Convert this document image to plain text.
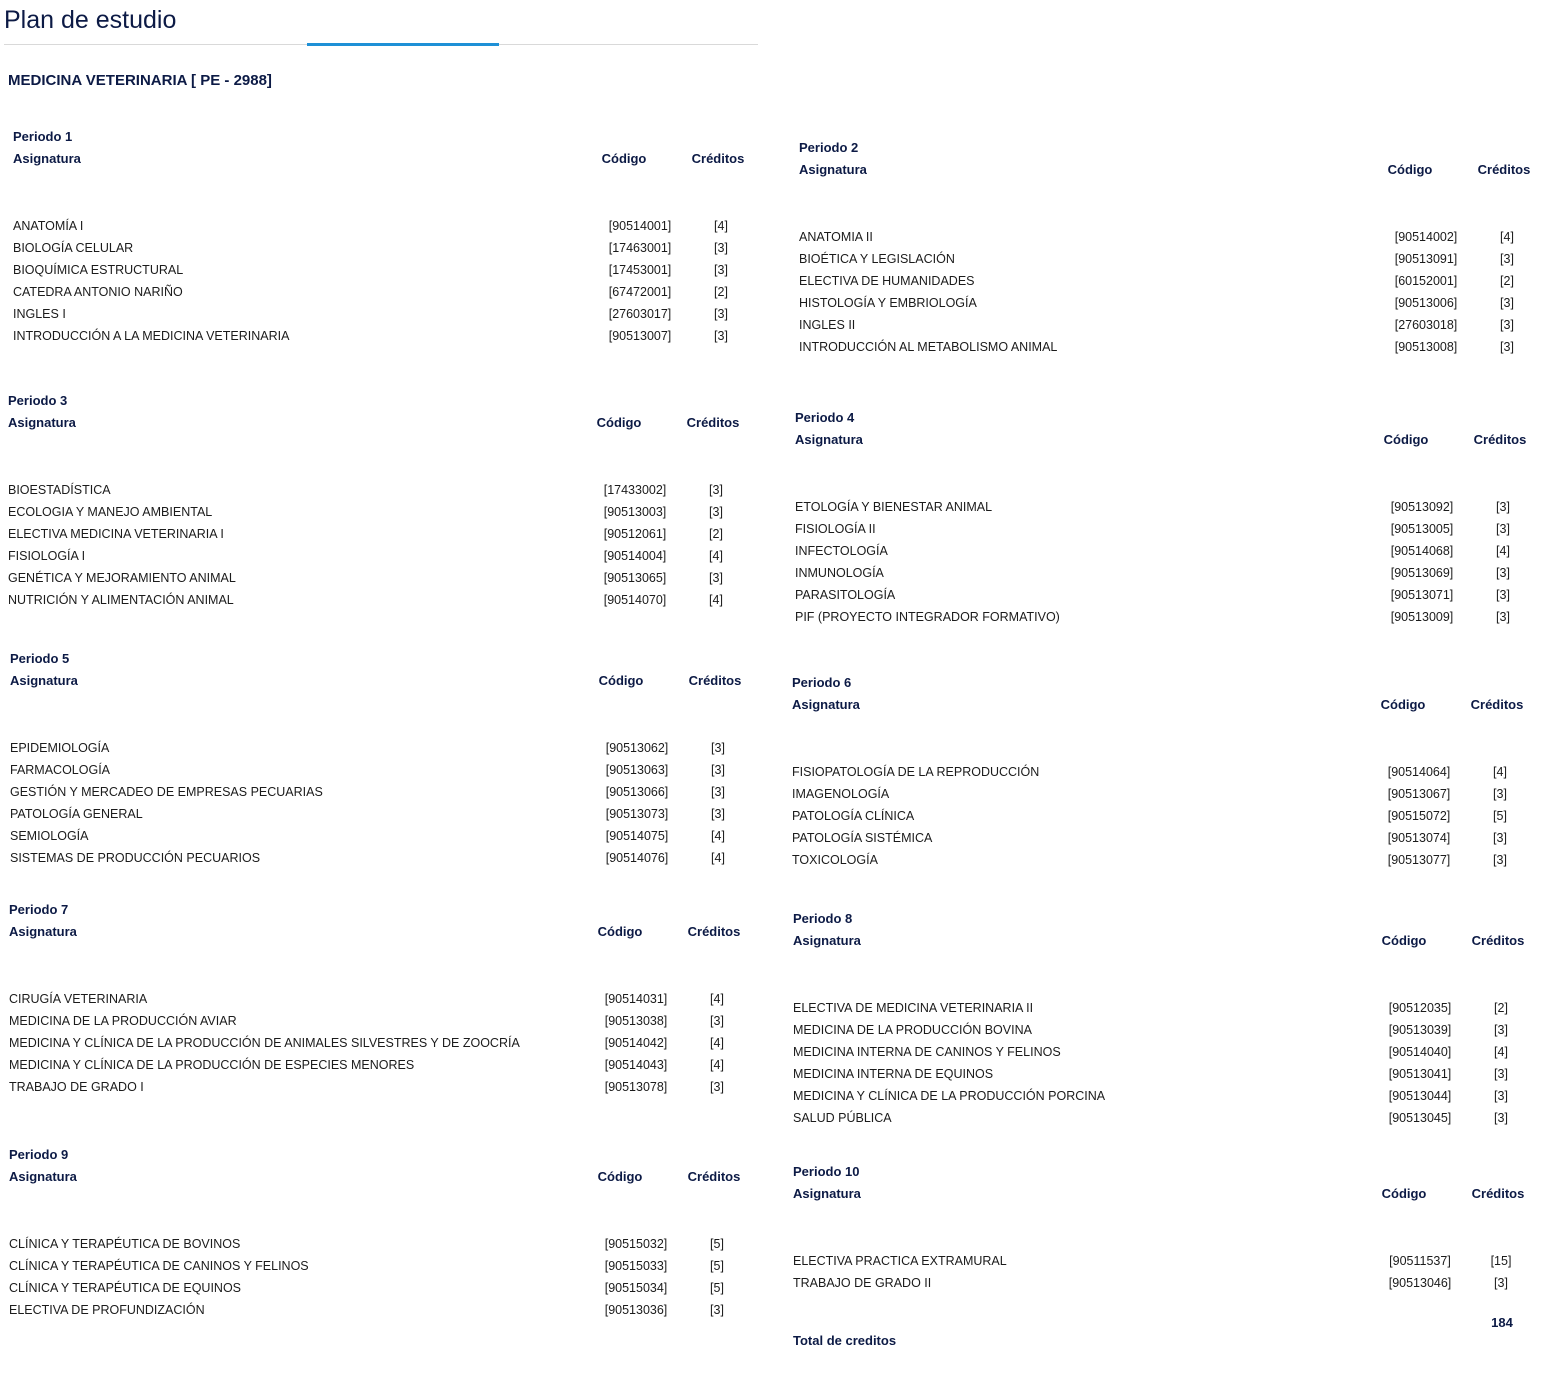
Plan de estudio
MEDICINA VETERINARIA [ PE - 2988]
Periodo 1
Asignatura	Código	Créditos
ANATOMÍA I	[90514001]	[4]
BIOLOGÍA CELULAR	[17463001]	[3]
BIOQUÍMICA ESTRUCTURAL	[17453001]	[3]
CATEDRA ANTONIO NARIÑO	[67472001]	[2]
INGLES I	[27603017]	[3]
INTRODUCCIÓN A LA MEDICINA VETERINARIA	[90513007]	[3]
Periodo 2
Asignatura	Código	Créditos
ANATOMIA II	[90514002]	[4]
BIOÉTICA Y LEGISLACIÓN	[90513091]	[3]
ELECTIVA DE HUMANIDADES	[60152001]	[2]
HISTOLOGÍA Y EMBRIOLOGÍA	[90513006]	[3]
INGLES II	[27603018]	[3]
INTRODUCCIÓN AL METABOLISMO ANIMAL	[90513008]	[3]
Periodo 3
Asignatura	Código	Créditos
BIOESTADÍSTICA	[17433002]	[3]
ECOLOGIA Y MANEJO AMBIENTAL	[90513003]	[3]
ELECTIVA MEDICINA VETERINARIA I	[90512061]	[2]
FISIOLOGÍA I	[90514004]	[4]
GENÉTICA Y MEJORAMIENTO ANIMAL	[90513065]	[3]
NUTRICIÓN Y ALIMENTACIÓN ANIMAL	[90514070]	[4]
Periodo 4
Asignatura	Código	Créditos
ETOLOGÍA Y BIENESTAR ANIMAL	[90513092]	[3]
FISIOLOGÍA II	[90513005]	[3]
INFECTOLOGÍA	[90514068]	[4]
INMUNOLOGÍA	[90513069]	[3]
PARASITOLOGÍA	[90513071]	[3]
PIF (PROYECTO INTEGRADOR FORMATIVO)	[90513009]	[3]
Periodo 5
Asignatura	Código	Créditos
EPIDEMIOLOGÍA	[90513062]	[3]
FARMACOLOGÍA	[90513063]	[3]
GESTIÓN Y MERCADEO DE EMPRESAS PECUARIAS	[90513066]	[3]
PATOLOGÍA GENERAL	[90513073]	[3]
SEMIOLOGÍA	[90514075]	[4]
SISTEMAS DE PRODUCCIÓN PECUARIOS	[90514076]	[4]
Periodo 6
Asignatura	Código	Créditos
FISIOPATOLOGÍA DE LA REPRODUCCIÓN	[90514064]	[4]
IMAGENOLOGÍA	[90513067]	[3]
PATOLOGÍA CLÍNICA	[90515072]	[5]
PATOLOGÍA SISTÉMICA	[90513074]	[3]
TOXICOLOGÍA	[90513077]	[3]
Periodo 7
Asignatura	Código	Créditos
CIRUGÍA VETERINARIA	[90514031]	[4]
MEDICINA DE LA PRODUCCIÓN AVIAR	[90513038]	[3]
MEDICINA Y CLÍNICA DE LA PRODUCCIÓN DE ANIMALES SILVESTRES Y DE ZOOCRÍA	[90514042]	[4]
MEDICINA Y CLÍNICA DE LA PRODUCCIÓN DE ESPECIES MENORES	[90514043]	[4]
TRABAJO DE GRADO I	[90513078]	[3]
Periodo 8
Asignatura	Código	Créditos
ELECTIVA DE MEDICINA VETERINARIA II	[90512035]	[2]
MEDICINA DE LA PRODUCCIÓN BOVINA	[90513039]	[3]
MEDICINA INTERNA DE CANINOS Y FELINOS	[90514040]	[4]
MEDICINA INTERNA DE EQUINOS	[90513041]	[3]
MEDICINA Y CLÍNICA DE LA PRODUCCIÓN PORCINA	[90513044]	[3]
SALUD PÚBLICA	[90513045]	[3]
Periodo 9
Asignatura	Código	Créditos
CLÍNICA Y TERAPÉUTICA DE BOVINOS	[90515032]	[5]
CLÍNICA Y TERAPÉUTICA DE CANINOS Y FELINOS	[90515033]	[5]
CLÍNICA Y TERAPÉUTICA DE EQUINOS	[90515034]	[5]
ELECTIVA DE PROFUNDIZACIÓN	[90513036]	[3]
Periodo 10
Asignatura	Código	Créditos
ELECTIVA PRACTICA EXTRAMURAL	[90511537]	[15]
TRABAJO DE GRADO II	[90513046]	[3]
Total de creditos
184
